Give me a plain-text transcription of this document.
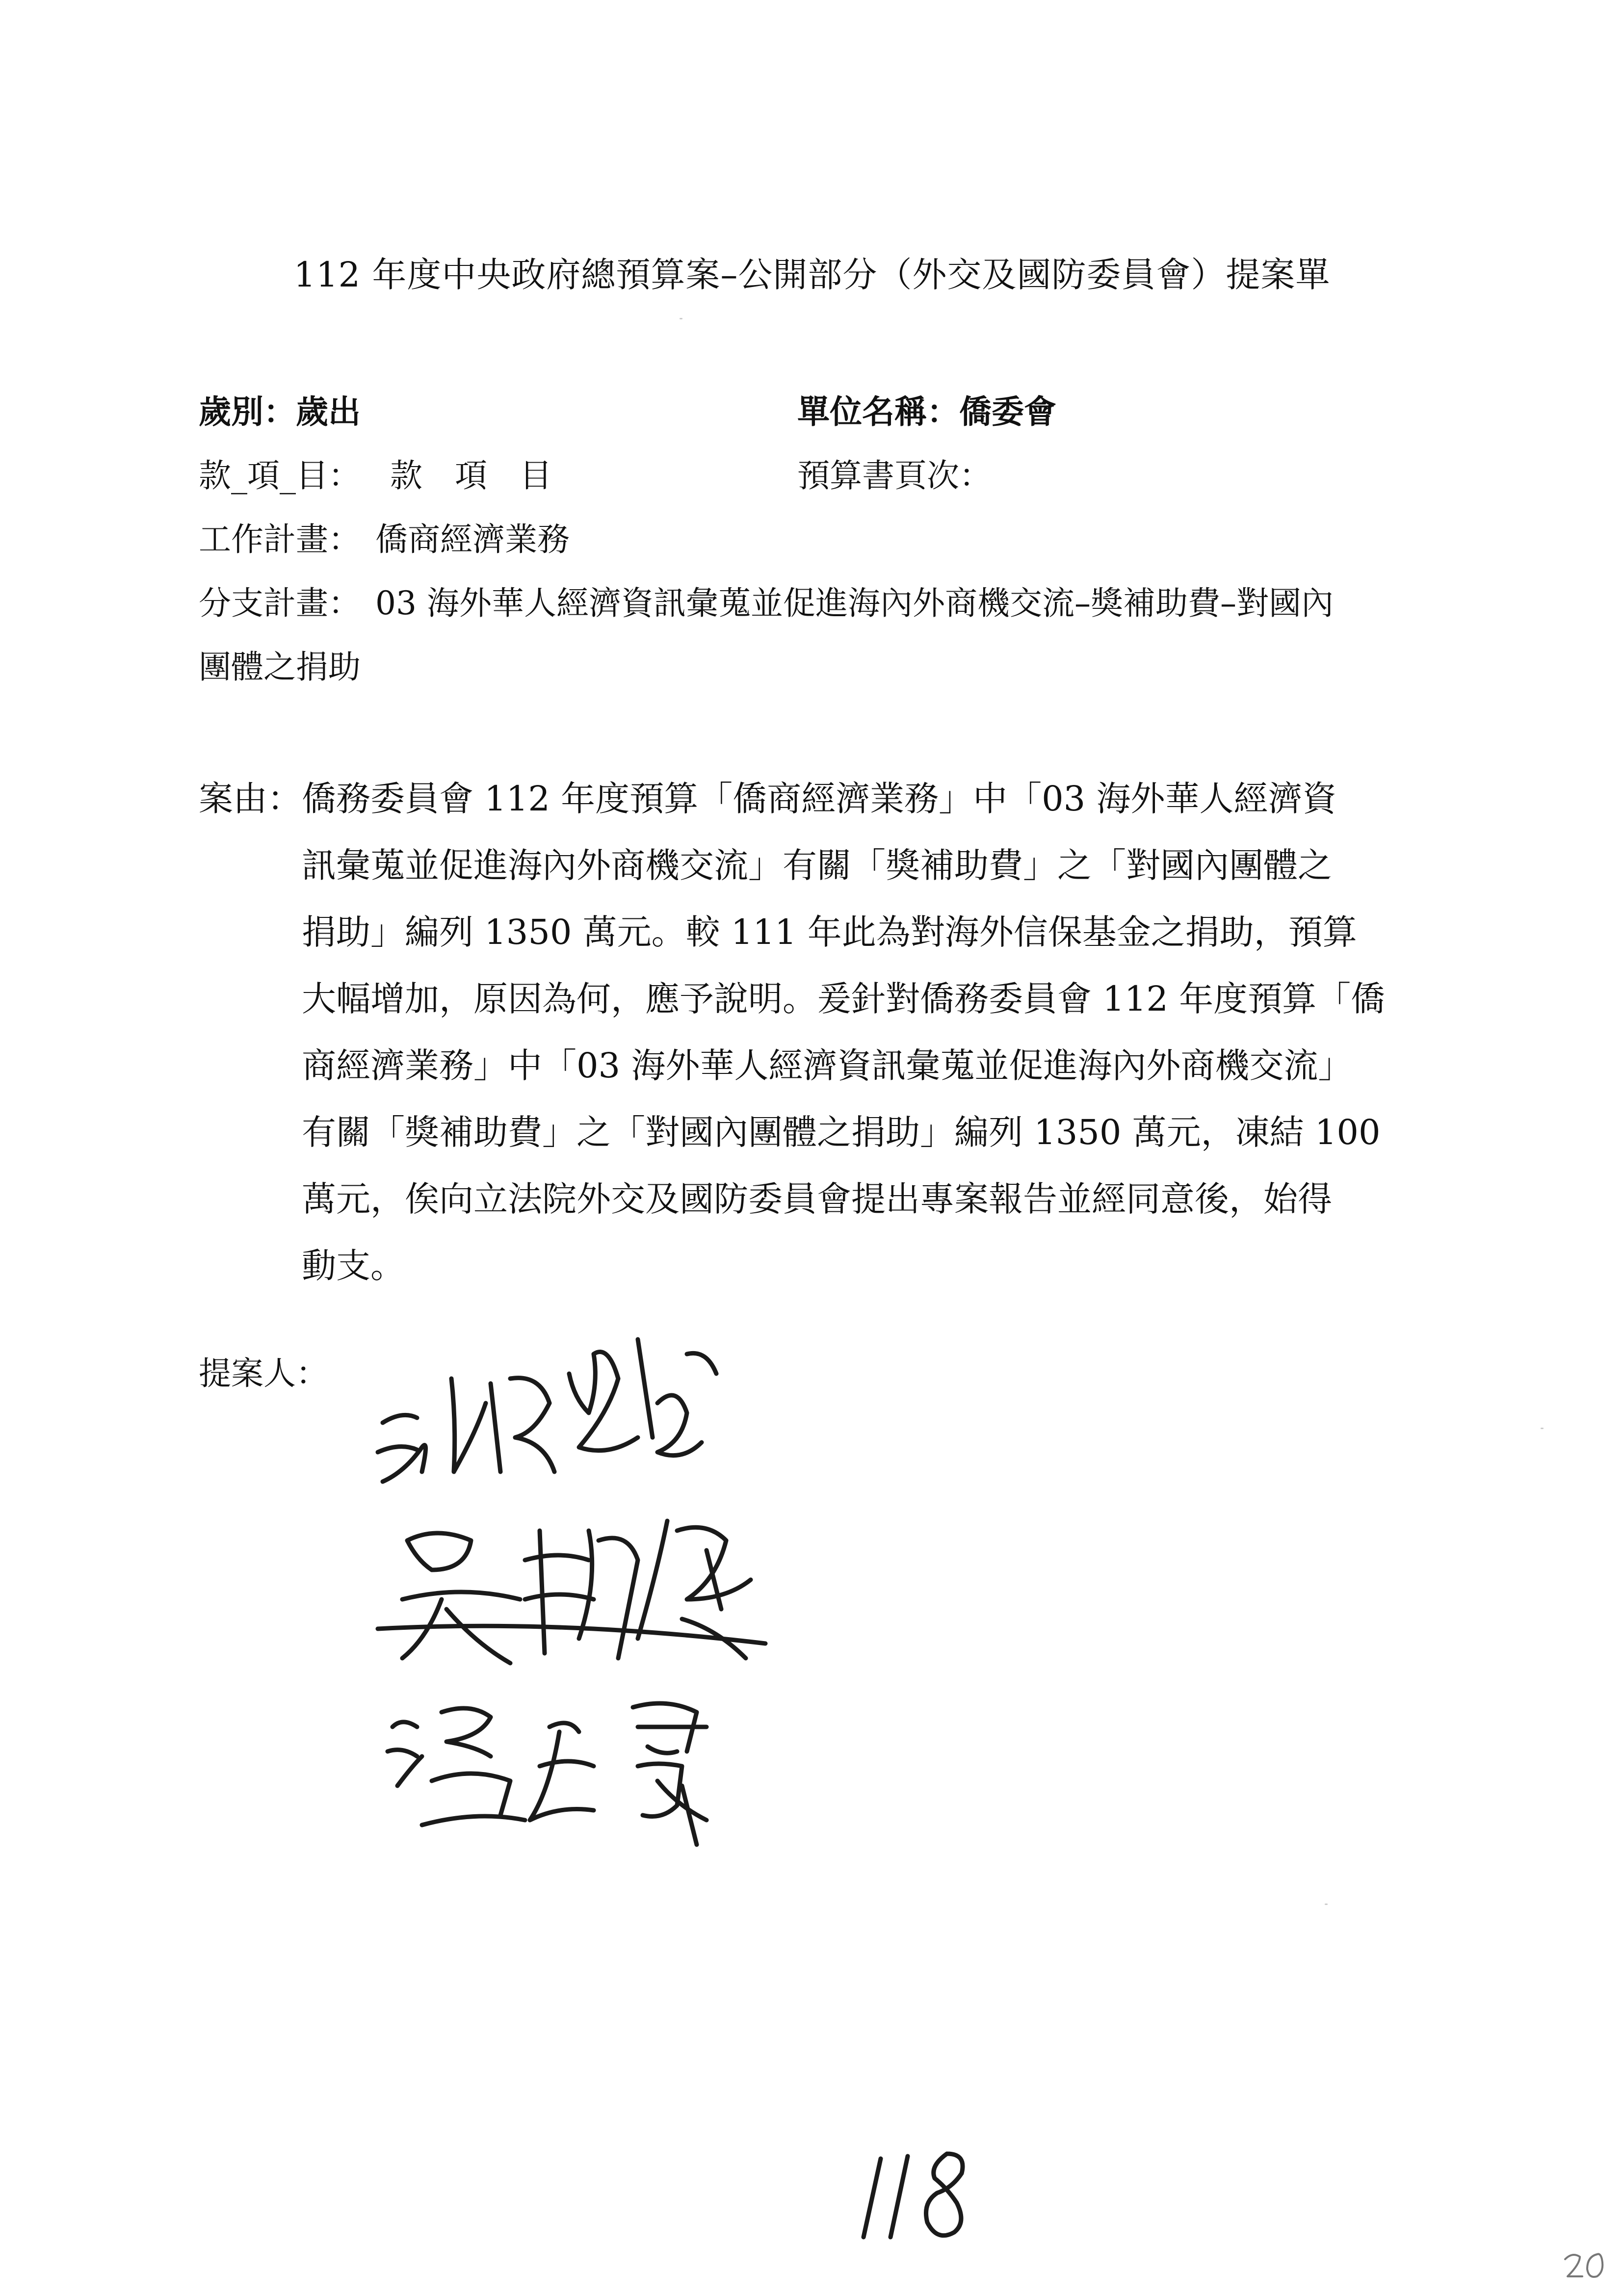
112 年度中央政府總預算案–公開部分（外交及國防委員會）提案單
歲別：歲出	單位名稱：僑委會
款_項_目： 款　項　目	預算書頁次：
工作計畫： 僑商經濟業務
分支計畫： 03 海外華人經濟資訊彙蒐並促進海內外商機交流–獎補助費–對國內
團體之捐助
案由：僑務委員會 112 年度預算「僑商經濟業務」中「03 海外華人經濟資
訊彙蒐並促進海內外商機交流」有關「獎補助費」之「對國內團體之
捐助」編列 1350 萬元。較 111 年此為對海外信保基金之捐助，預算
大幅增加，原因為何，應予說明。爰針對僑務委員會 112 年度預算「僑
商經濟業務」中「03 海外華人經濟資訊彙蒐並促進海內外商機交流」
有關「獎補助費」之「對國內團體之捐助」編列 1350 萬元，凍結 100
萬元，俟向立法院外交及國防委員會提出專案報告並經同意後，始得
動支。
提案人：
